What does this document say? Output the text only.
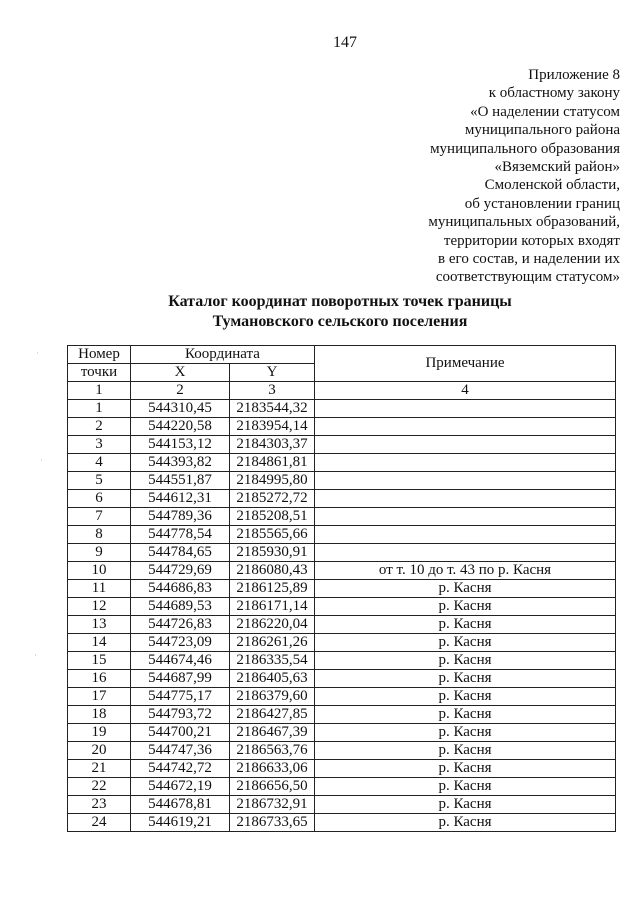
147
Приложение 8
к областному закону
«О наделении статусом
муниципального района
муниципального образования
«Вяземский район»
Смоленской области,
об установлении границ
муниципальных образований,
территории которых входят
в его состав, и наделении их
соответствующим статусом»
Каталог координат поворотных точек границы
Тумановского сельского поселения
Номер	Координата		Примечание
точки	X	Y	
1	2	3	4
1	544310,45	2183544,32	
2	544220,58	2183954,14	
3	544153,12	2184303,37	
4	544393,82	2184861,81	
5	544551,87	2184995,80	
6	544612,31	2185272,72	
7	544789,36	2185208,51	
8	544778,54	2185565,66	
9	544784,65	2185930,91	
10	544729,69	2186080,43	от т. 10 до т. 43 по р. Касня
11	544686,83	2186125,89	р. Касня
12	544689,53	2186171,14	р. Касня
13	544726,83	2186220,04	р. Касня
14	544723,09	2186261,26	р. Касня
15	544674,46	2186335,54	р. Касня
16	544687,99	2186405,63	р. Касня
17	544775,17	2186379,60	р. Касня
18	544793,72	2186427,85	р. Касня
19	544700,21	2186467,39	р. Касня
20	544747,36	2186563,76	р. Касня
21	544742,72	2186633,06	р. Касня
22	544672,19	2186656,50	р. Касня
23	544678,81	2186732,91	р. Касня
24	544619,21	2186733,65	р. Касня
·
·
·
